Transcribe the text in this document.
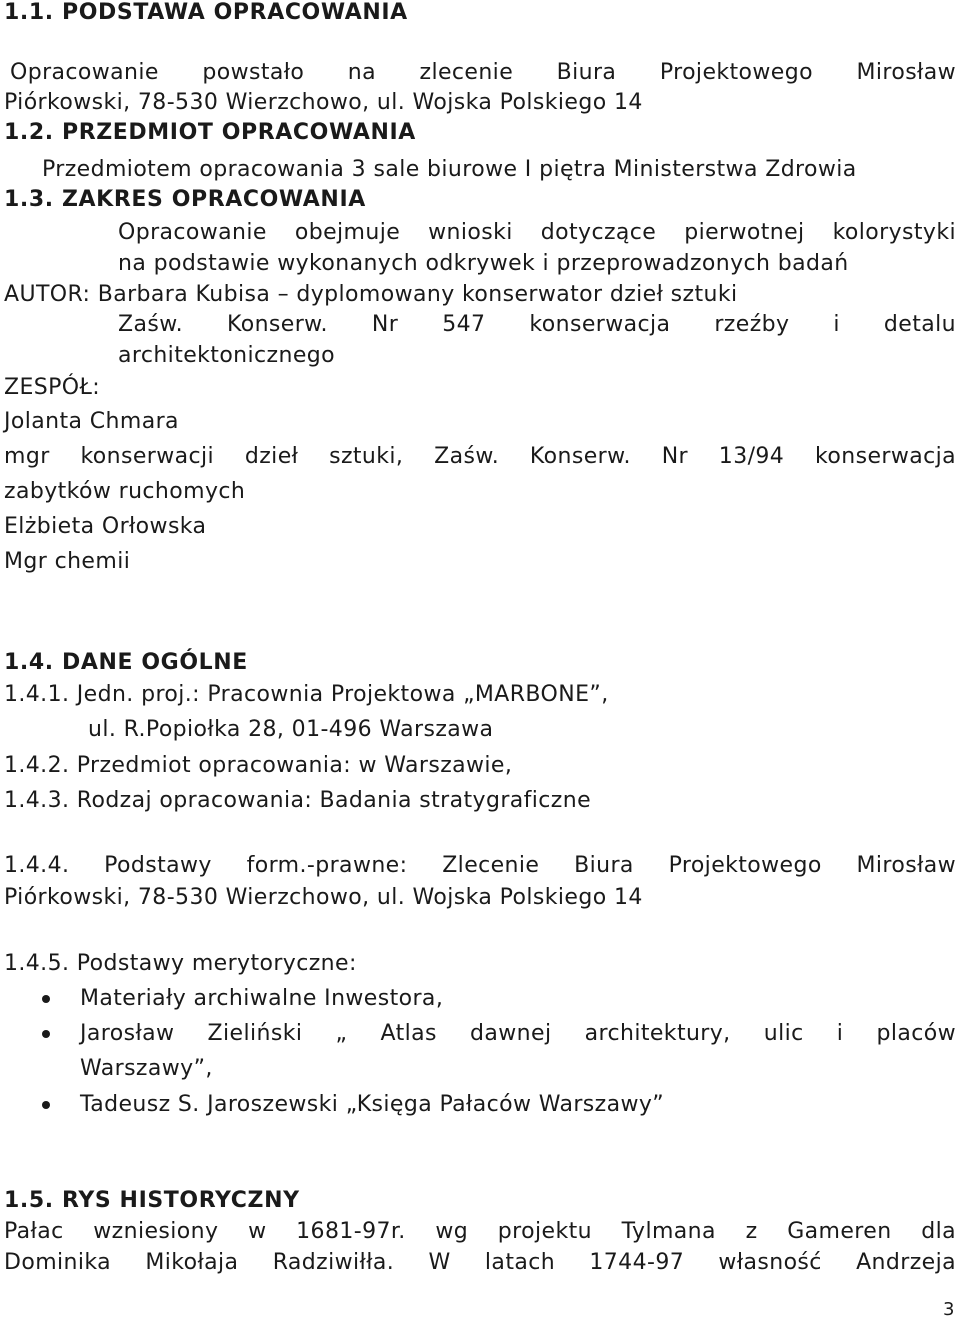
1.1. PODSTAWA OPRACOWANIA
Opracowanie powstało na zlecenie Biura Projektowego Mirosław
Piórkowski, 78-530 Wierzchowo, ul. Wojska Polskiego 14
1.2. PRZEDMIOT OPRACOWANIA
Przedmiotem opracowania 3 sale biurowe I piętra Ministerstwa Zdrowia
1.3. ZAKRES OPRACOWANIA
Opracowanie obejmuje wnioski dotyczące pierwotnej kolorystyki
na podstawie wykonanych odkrywek i przeprowadzonych badań
AUTOR: Barbara Kubisa – dyplomowany konserwator dzieł sztuki
Zaśw. Konserw. Nr 547 konserwacja rzeźby i detalu
architektonicznego
ZESPÓŁ:
Jolanta Chmara
mgr konserwacji dzieł sztuki, Zaśw. Konserw. Nr 13/94 konserwacja
zabytków ruchomych
Elżbieta Orłowska
Mgr chemii
1.4. DANE OGÓLNE
1.4.1. Jedn. proj.: Pracownia Projektowa „MARBONE”,
ul. R.Popiołka 28, 01-496 Warszawa
1.4.2. Przedmiot opracowania: w Warszawie,
1.4.3. Rodzaj opracowania: Badania stratygraficzne
1.4.4. Podstawy form.-prawne: Zlecenie Biura Projektowego Mirosław
Piórkowski, 78-530 Wierzchowo, ul. Wojska Polskiego 14
1.4.5. Podstawy merytoryczne:
Materiały archiwalne Inwestora,
Jarosław Zieliński „ Atlas dawnej architektury, ulic i placów
Warszawy”,
Tadeusz S. Jaroszewski „Księga Pałaców Warszawy”
1.5. RYS HISTORYCZNY
Pałac wzniesiony w 1681-97r. wg projektu Tylmana z Gameren dla
Dominika Mikołaja Radziwiłła. W latach 1744-97 własność Andrzeja
3
